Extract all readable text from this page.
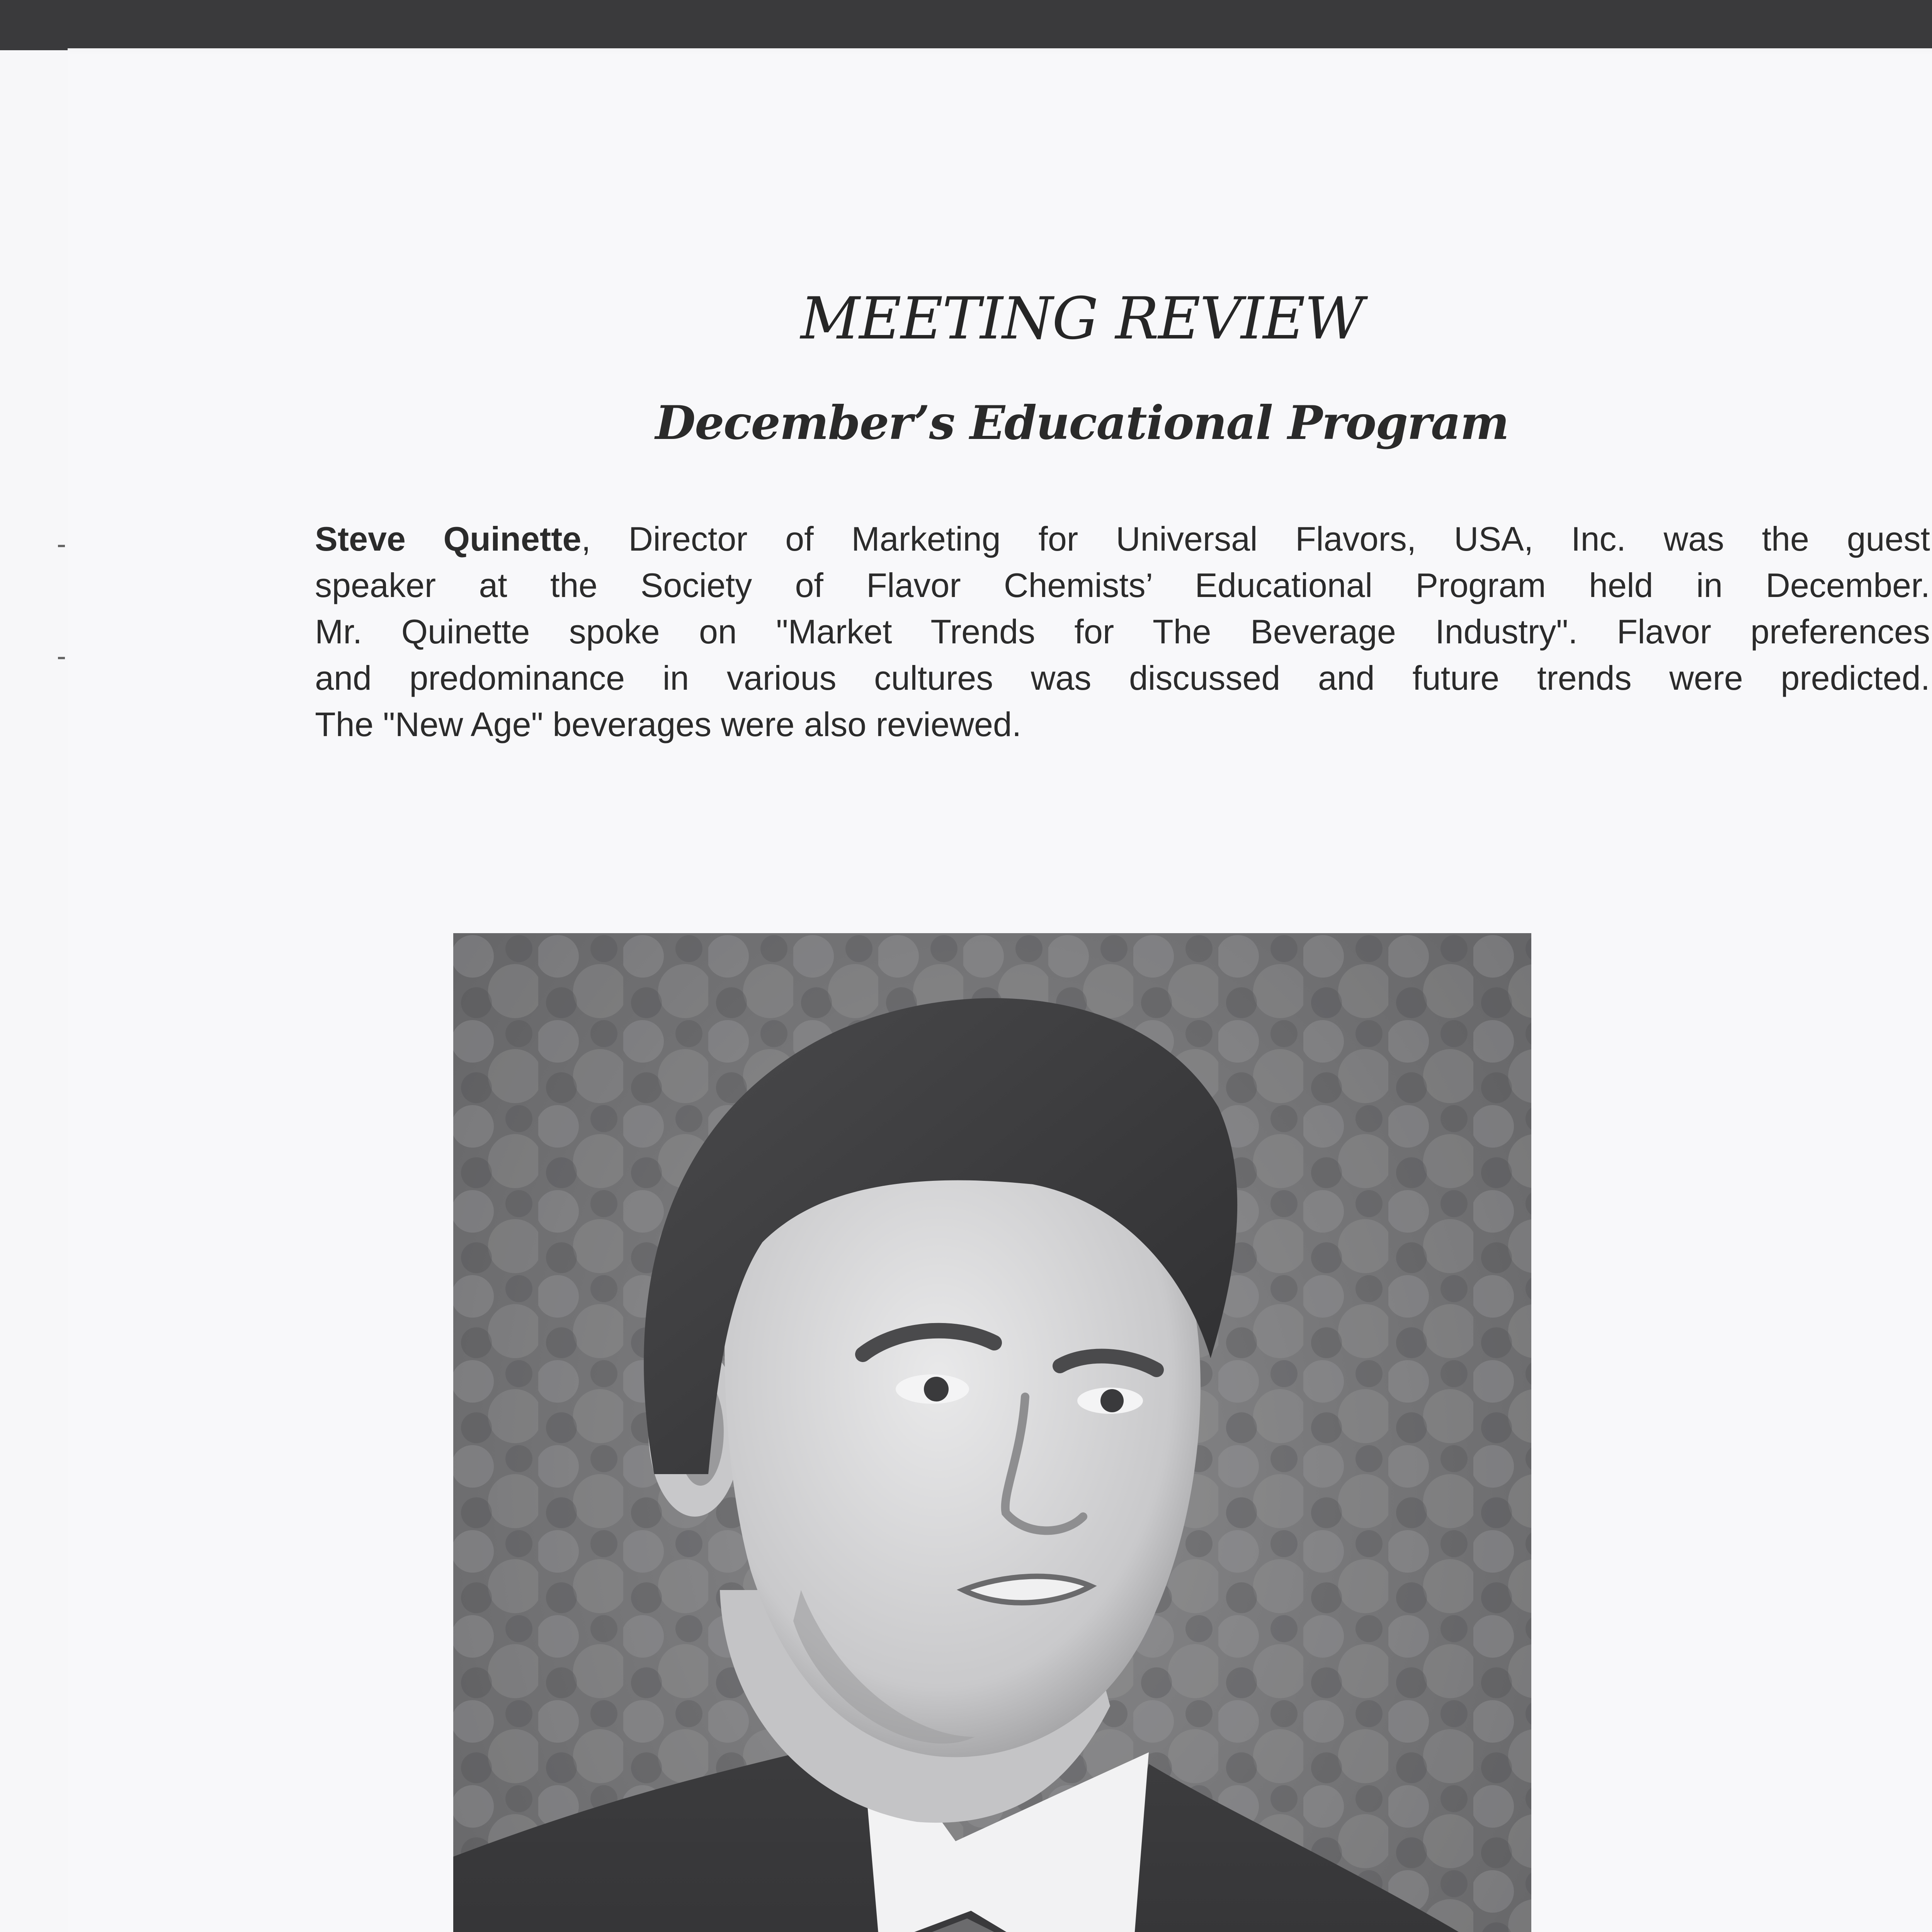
MEETING REVIEW
December’s Educational Program
Steve Quinette, Director of Marketing for Universal Flavors, USA, Inc. was the guest
speaker at the Society of Flavor Chemists’ Educational Program held in December.
Mr. Quinette spoke on "Market Trends for The Beverage Industry". Flavor preferences
and predominance in various cultures was discussed and future trends were predicted.
The "New Age" beverages were also reviewed.
